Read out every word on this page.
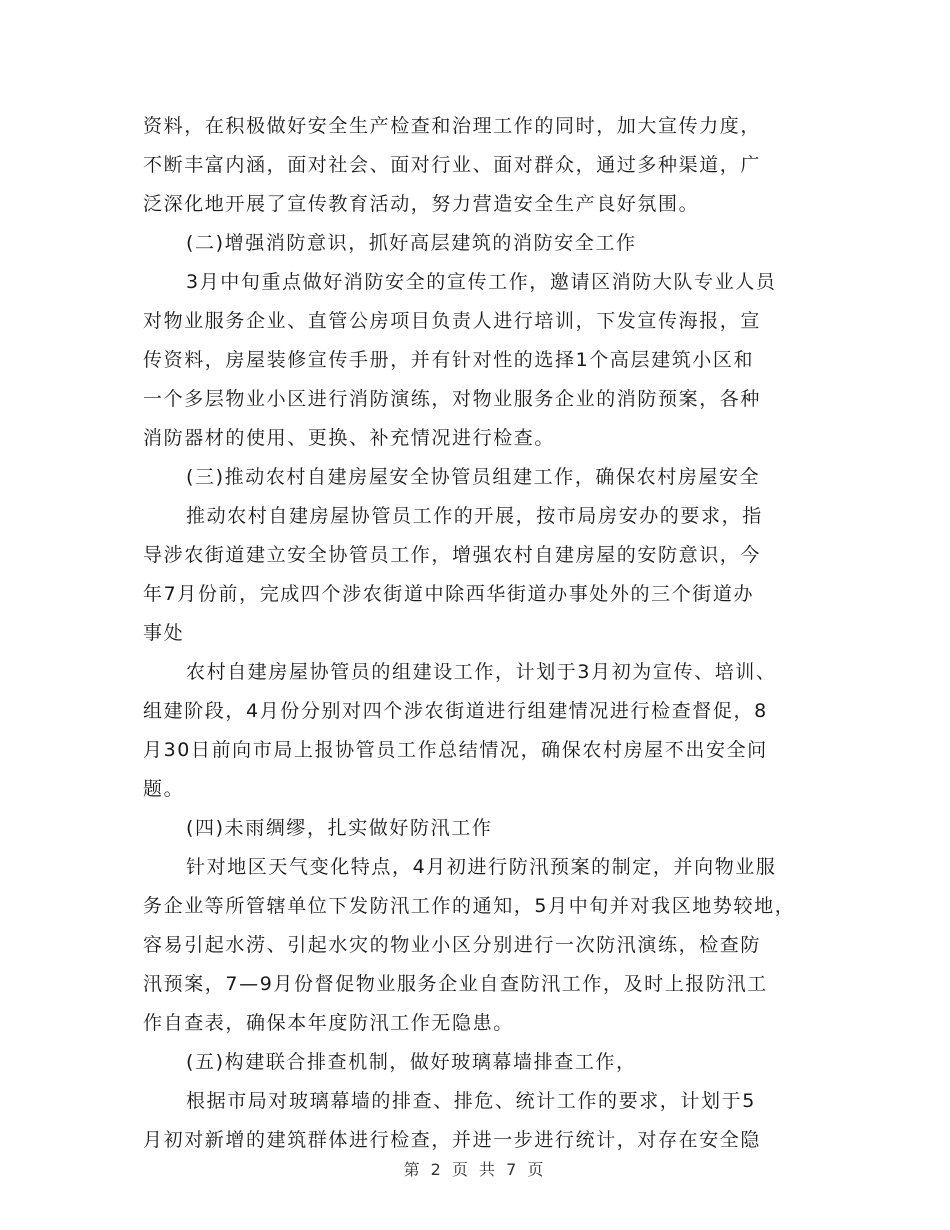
资料，在积极做好安全生产检查和治理工作的同时，加大宣传力度，
不断丰富内涵，面对社会、面对行业、面对群众，通过多种渠道，广
泛深化地开展了宣传教育活动，努力营造安全生产良好氛围。
(二)增强消防意识，抓好高层建筑的消防安全工作
3月中旬重点做好消防安全的宣传工作，邀请区消防大队专业人员
对物业服务企业、直管公房项目负责人进行培训，下发宣传海报，宣
传资料，房屋装修宣传手册，并有针对性的选择1个高层建筑小区和
一个多层物业小区进行消防演练，对物业服务企业的消防预案，各种
消防器材的使用、更换、补充情况进行检查。
(三)推动农村自建房屋安全协管员组建工作，确保农村房屋安全
推动农村自建房屋协管员工作的开展，按市局房安办的要求，指
导涉农街道建立安全协管员工作，增强农村自建房屋的安防意识，今
年7月份前，完成四个涉农街道中除西华街道办事处外的三个街道办
事处
农村自建房屋协管员的组建设工作，计划于3月初为宣传、培训、
组建阶段，4月份分别对四个涉农街道进行组建情况进行检查督促，8
月30日前向市局上报协管员工作总结情况，确保农村房屋不出安全问
题。
(四)未雨绸缪，扎实做好防汛工作
针对地区天气变化特点，4月初进行防汛预案的制定，并向物业服
务企业等所管辖单位下发防汛工作的通知，5月中旬并对我区地势较地，
容易引起水涝、引起水灾的物业小区分别进行一次防汛演练，检查防
汛预案，7—9月份督促物业服务企业自查防汛工作，及时上报防汛工
作自查表，确保本年度防汛工作无隐患。
(五)构建联合排查机制，做好玻璃幕墙排查工作，
根据市局对玻璃幕墙的排查、排危、统计工作的要求，计划于5
月初对新增的建筑群体进行检查，并进一步进行统计，对存在安全隐
第 2 页 共 7 页
